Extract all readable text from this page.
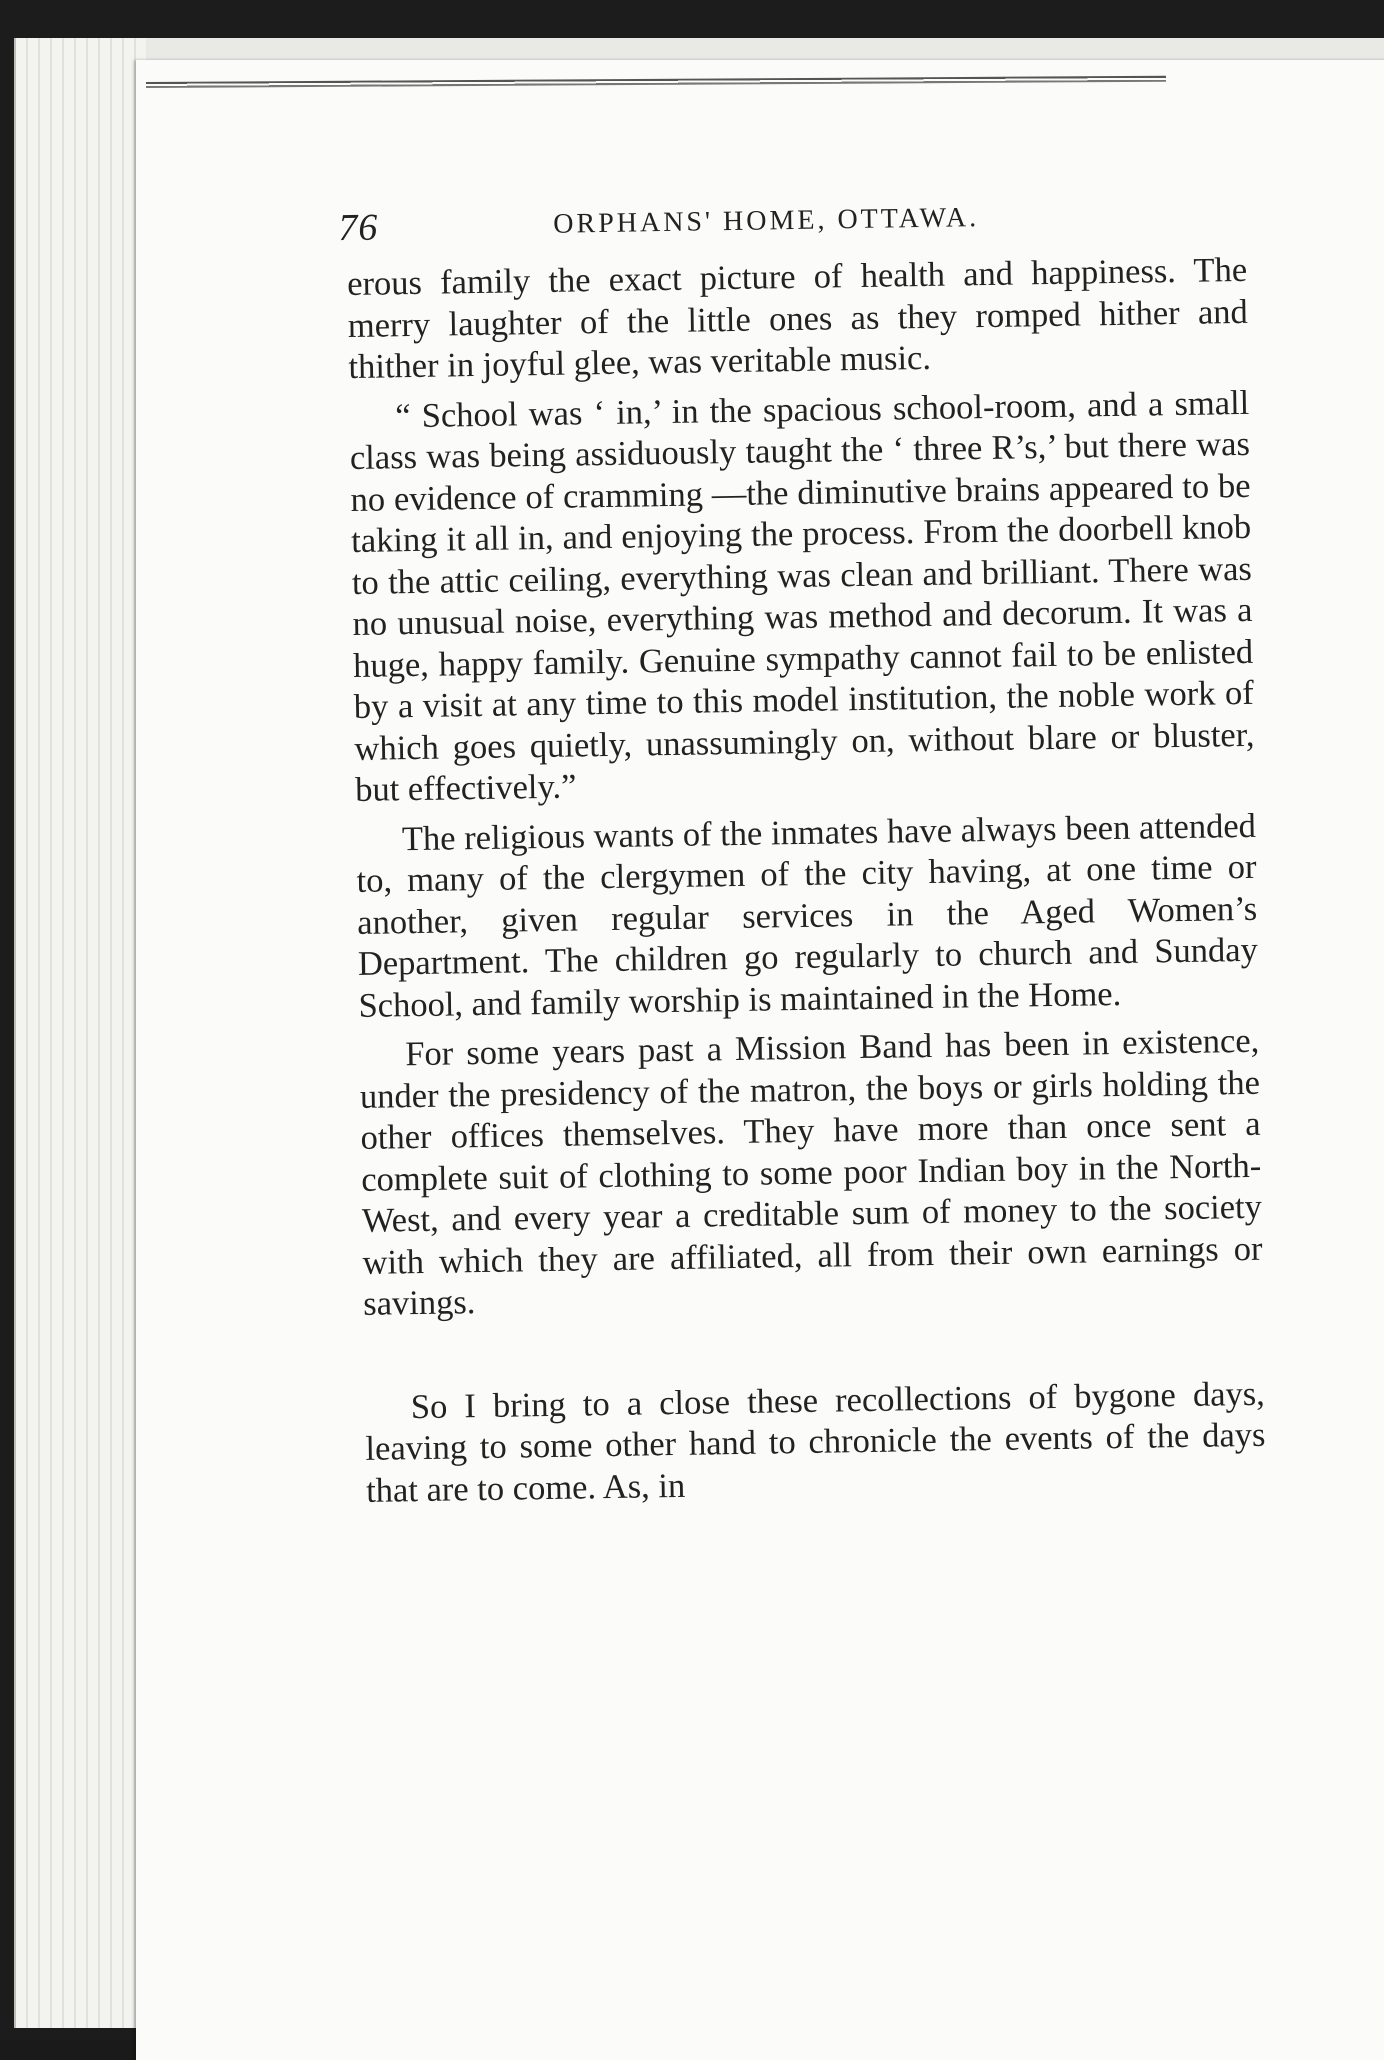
76	ORPHANS' HOME, OTTAWA.

erous family the exact picture of health and happiness. The merry laughter of the little ones as they romped hither and thither in joyful glee, was veritable music.

“ School was ‘ in,’ in the spacious school-room, and a small class was being assiduously taught the ‘ three R’s,’ but there was no evidence of cramming —the diminutive brains appeared to be taking it all in, and enjoying the process. From the doorbell knob to the attic ceiling, everything was clean and brilliant. There was no unusual noise, everything was method and decorum. It was a huge, happy family. Genuine sympathy cannot fail to be enlisted by a visit at any time to this model institution, the noble work of which goes quietly, unassumingly on, without blare or bluster, but effectively.”

The religious wants of the inmates have always been attended to, many of the clergymen of the city having, at one time or another, given regular services in the Aged Women’s Department. The children go regularly to church and Sunday School, and family worship is maintained in the Home.

For some years past a Mission Band has been in existence, under the presidency of the matron, the boys or girls holding the other offices themselves. They have more than once sent a complete suit of clothing to some poor Indian boy in the North-West, and every year a creditable sum of money to the society with which they are affiliated, all from their own earnings or savings.

So I bring to a close these recollections of bygone days, leaving to some other hand to chronicle the events of the days that are to come. As, in
